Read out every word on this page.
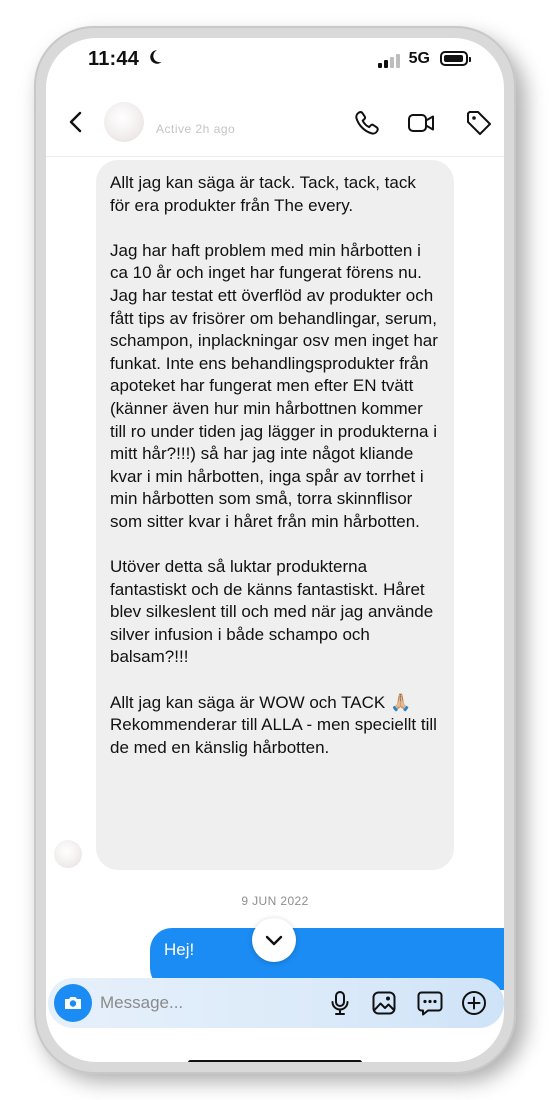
11:44	5G
Active 2h ago

Allt jag kan säga är tack. Tack, tack, tack för era produkter från The every.

Jag har haft problem med min hårbotten i ca 10 år och inget har fungerat förens nu. Jag har testat ett överflöd av produkter och fått tips av frisörer om behandlingar, serum, schampon, inplackningar osv men inget har funkat. Inte ens behandlingsprodukter från apoteket har fungerat men efter EN tvätt (känner även hur min hårbottnen kommer till ro under tiden jag lägger in produkterna i mitt hår?!!!) så har jag inte något kliande kvar i min hårbotten, inga spår av torrhet i min hårbotten som små, torra skinnflisor som sitter kvar i håret från min hårbotten.

Utöver detta så luktar produkterna fantastiskt och de känns fantastiskt. Håret blev silkeslent till och med när jag använde silver infusion i både schampo och balsam?!!!

Allt jag kan säga är WOW och TACK 🙏🏼 Rekommenderar till ALLA - men speciellt till de med en känslig hårbotten.

9 JUN 2022
Hej!
Message...
